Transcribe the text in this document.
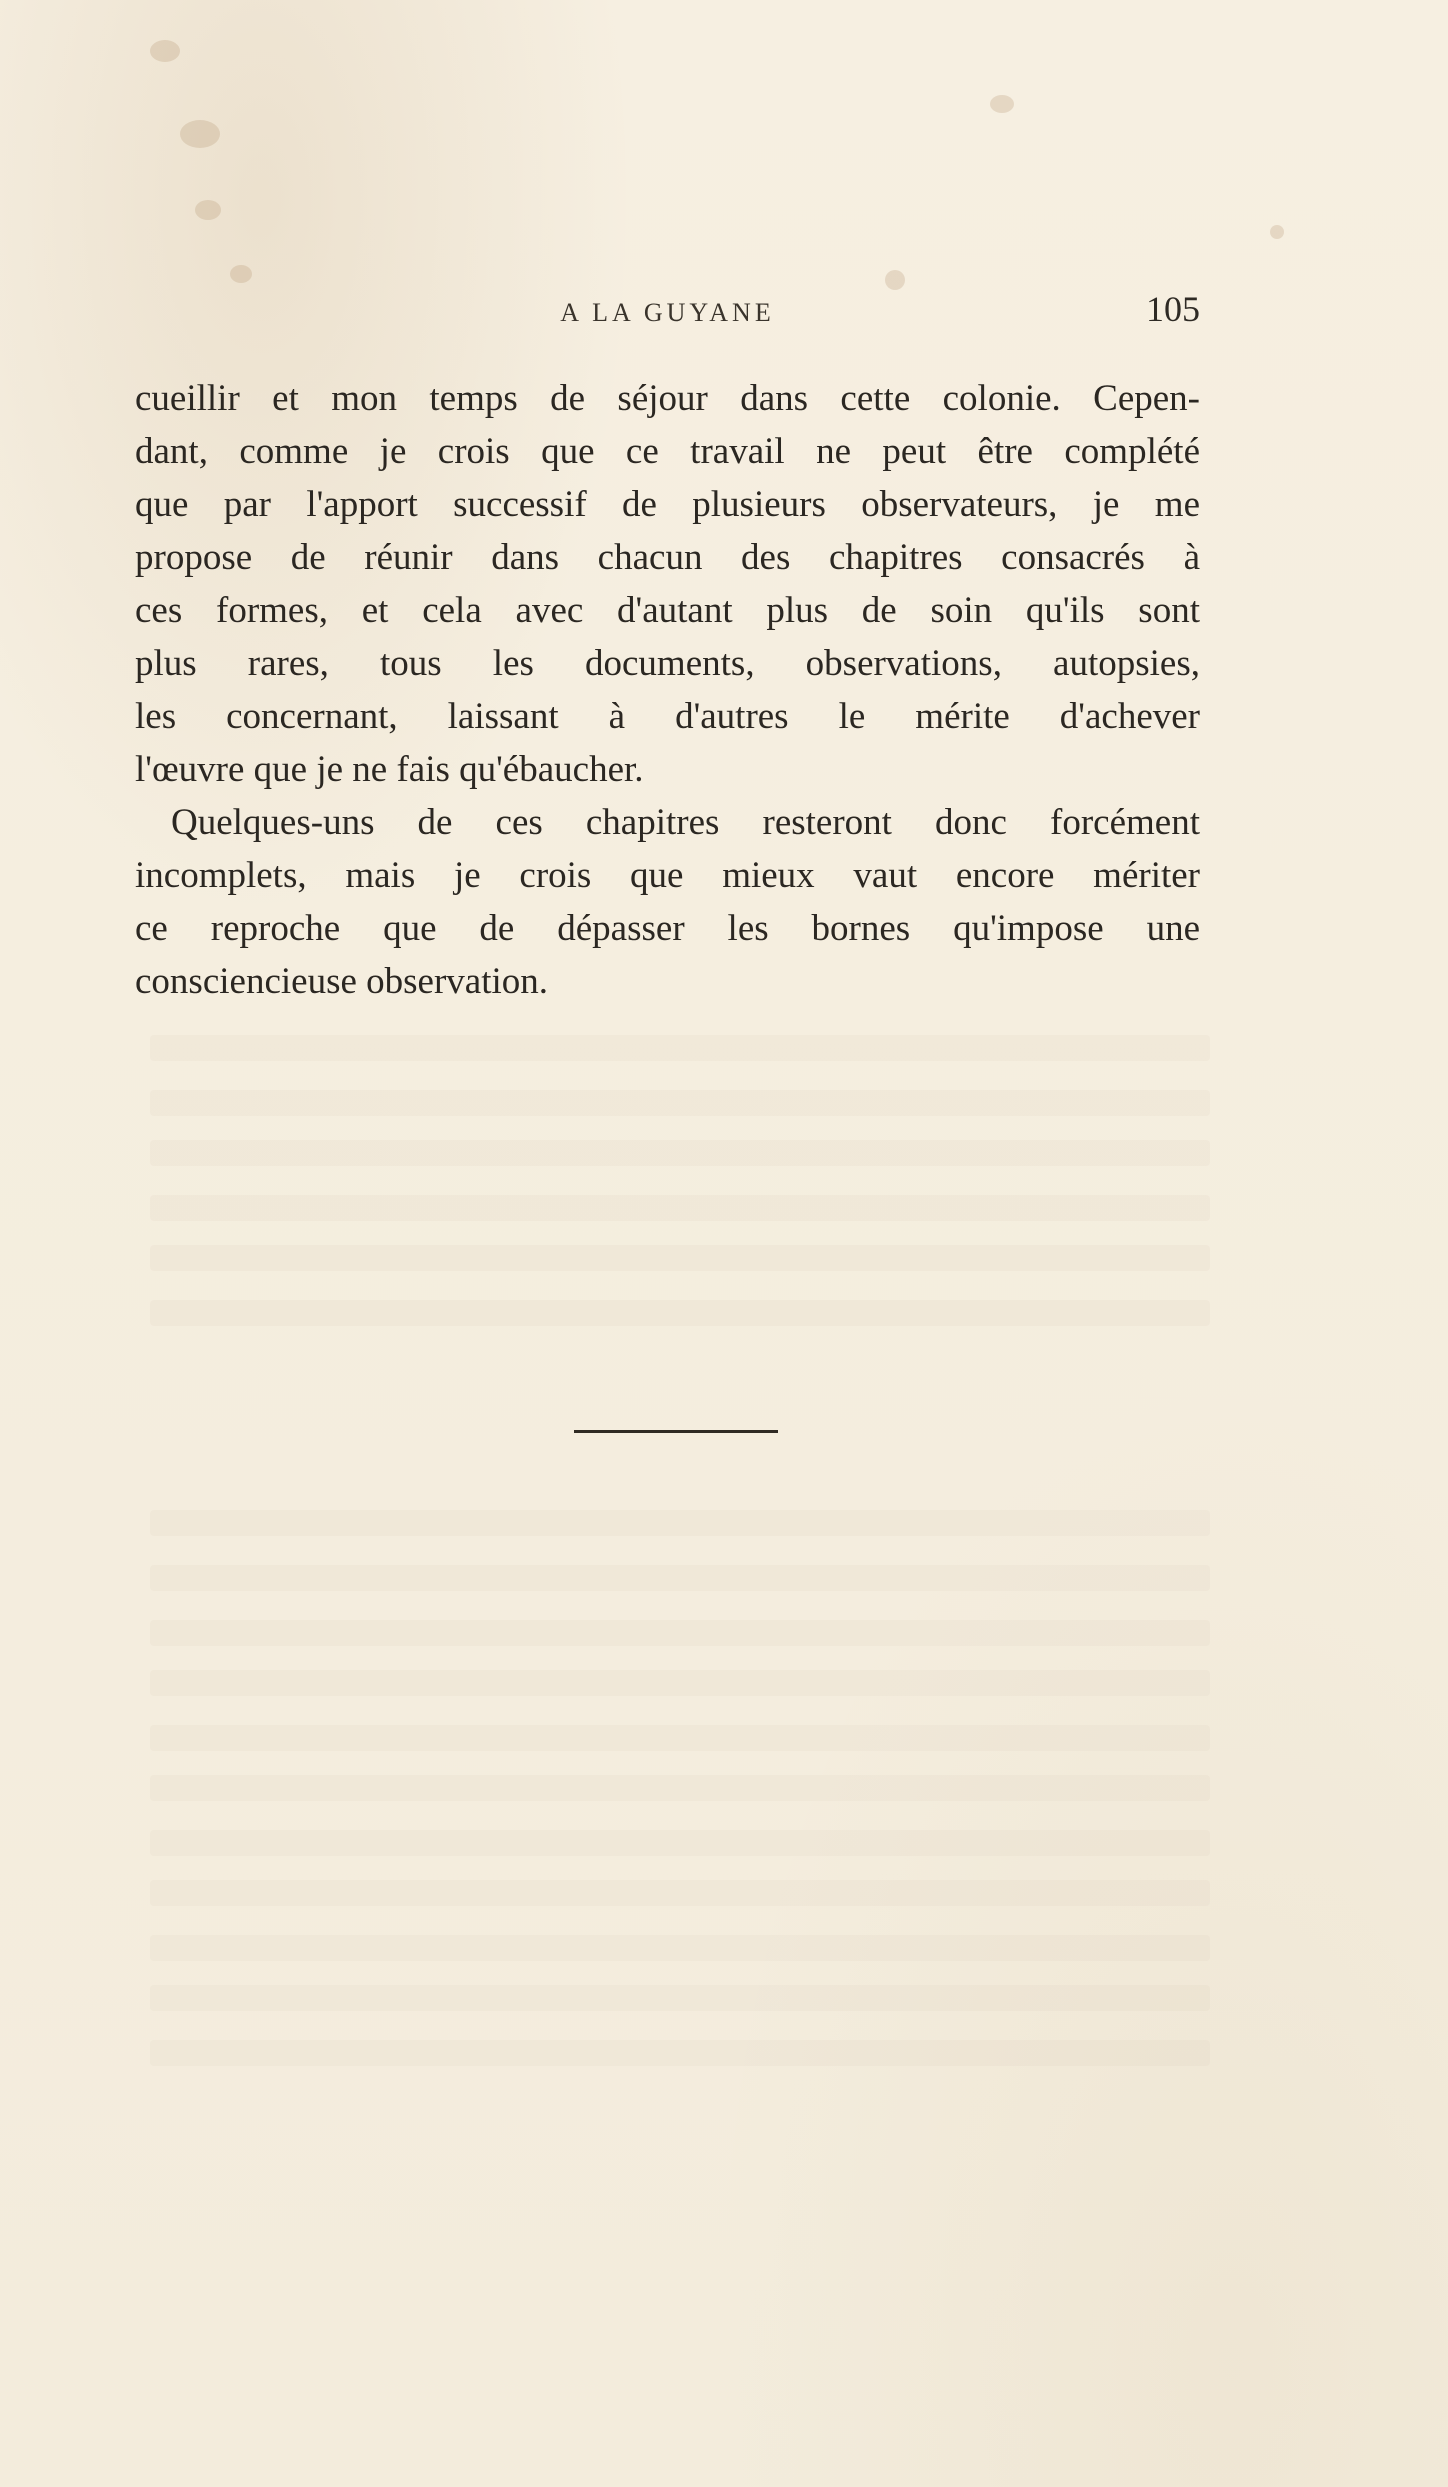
A LA GUYANE	105
cueillir et mon temps de séjour dans cette colonie. Cepen-
dant, comme je crois que ce travail ne peut être complété
que par l'apport successif de plusieurs observateurs, je me
propose de réunir dans chacun des chapitres consacrés à
ces formes, et cela avec d'autant plus de soin qu'ils sont
plus rares, tous les documents, observations, autopsies,
les concernant, laissant à d'autres le mérite d'achever
l'œuvre que je ne fais qu'ébaucher.
Quelques-uns de ces chapitres resteront donc forcément
incomplets, mais je crois que mieux vaut encore mériter
ce reproche que de dépasser les bornes qu'impose une
consciencieuse observation.
